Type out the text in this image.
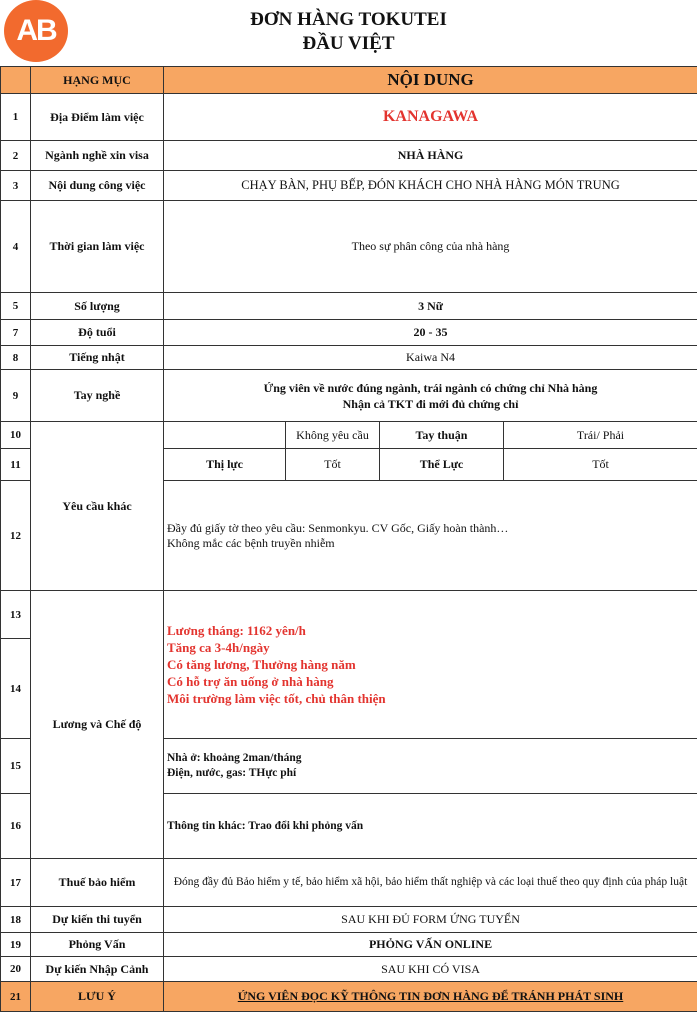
AB	ĐƠN HÀNG TOKUTEI
ĐẦU VIỆT
	HẠNG MỤC	NỘI DUNG			
1	Địa Điểm làm việc	KANAGAWA			
2	Ngành nghề xin visa	NHÀ HÀNG			
3	Nội dung công việc	CHẠY BÀN, PHỤ BẾP, ĐÓN KHÁCH CHO NHÀ HÀNG MÓN TRUNG			
4	Thời gian làm việc	Theo sự phân công của nhà hàng			
5	Số lượng	3 Nữ			
7	Độ tuổi	20 - 35			
8	Tiếng nhật	Kaiwa N4			
9	Tay nghề	Ứng viên về nước đúng ngành, trái ngành có chứng chỉ Nhà hàng
Nhận cả TKT đi mới đủ chứng chỉ			

10	Yêu cầu khác		Không yêu cầu	Tay thuận	Trái/ Phải
11		Thị lực	Tốt	Thể Lực	Tốt
12		Đầy đủ giấy tờ theo yêu cầu: Senmonkyu. CV Gốc, Giấy hoàn thành…
Không mắc các bệnh truyền nhiễm			

13	Lương và Chế độ	Lương tháng: 1162 yên/h
Tăng ca 3-4h/ngày
Có tăng lương, Thưởng hàng năm
Có hỗ trợ ăn uống ở nhà hàng
Môi trường làm việc tốt, chủ thân thiện			

14					
15		Nhà ở: khoảng 2man/tháng
Điện, nước, gas: THực phí			

16		Thông tin khác: Trao đổi khi phỏng vấn			
17	Thuế bảo hiểm	Đóng đầy đủ Bảo hiểm y tế, bảo hiểm xã hội, bảo hiểm thất nghiệp và các loại thuế theo quy định của pháp luật			
18	Dự kiến thi tuyển	SAU KHI ĐỦ FORM ỨNG TUYỂN			
19	Phỏng Vấn	PHỎNG VẤN ONLINE			
20	Dự kiến Nhập Cảnh	SAU KHI CÓ VISA			
21	LƯU Ý	ỨNG VIÊN ĐỌC KỸ THÔNG TIN ĐƠN HÀNG ĐỂ TRÁNH PHÁT SINH			
